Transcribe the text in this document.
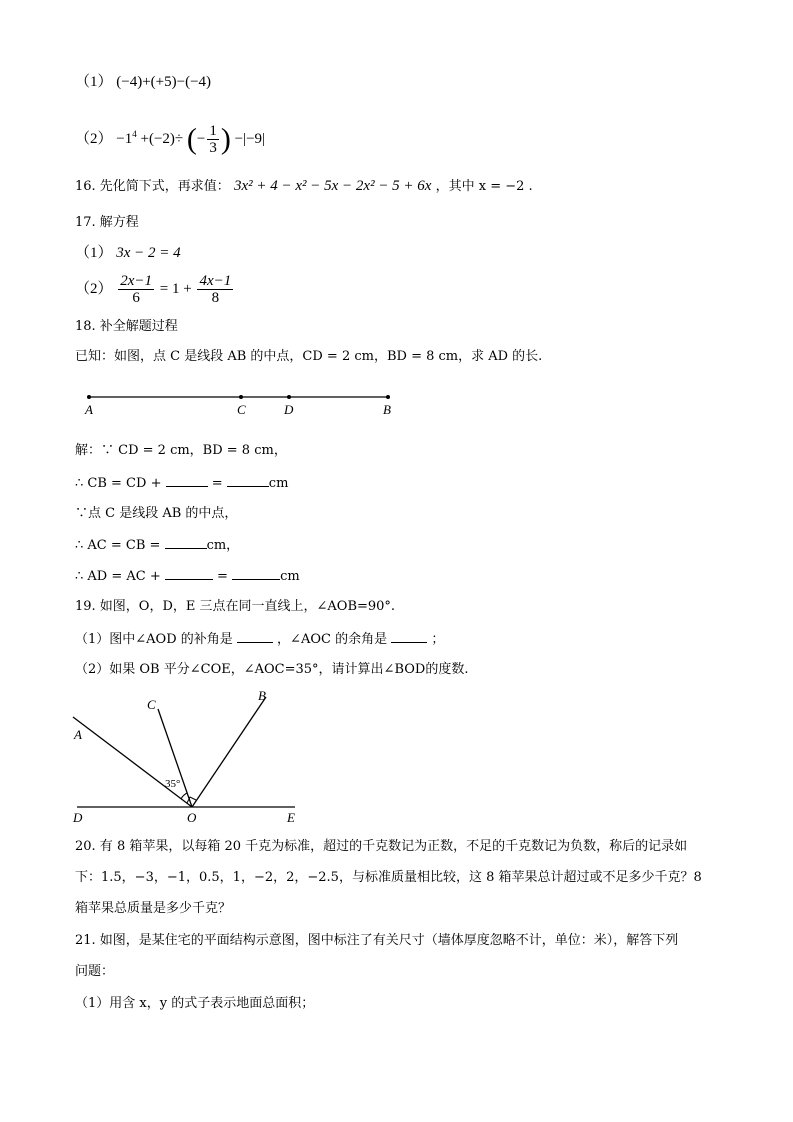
（1） (−4)+(+5)−(−4)
$(2) -1^4 +(-2)\div$ (− $\frac{1}{3}$ ) −|−9|
16. 先化简下式，再求值： 3x² + 4 − x² − 5x − 2x² − 5 + 6x ，其中 x = −2 .
17. 解方程
（1） 3x − 2 = 4
$(2) \frac{2x-1}{6} = 1 + \frac{4x-1}{8}$
18. 补全解题过程
已知：如图，点 C 是线段 AB 的中点，CD = 2 cm，BD = 8 cm，求 AD 的长.
A	C	D	B
解：∵ CD = 2 cm，BD = 8 cm，
∴ CB = CD +	=	cm
∵点 C 是线段 AB 的中点，
∴ AC = CB =	cm，
∴ AD = AC +	=	cm
19. 如图，O，D，E 三点在同一直线上，∠AOB=90°.
（1）图中∠AOD 的补角是	，∠AOC 的余角是	；
（2）如果 OB 平分∠COE，∠AOC=35°，请计算出∠BOD的度数.
35°
A
C
B
D	O	E
20. 有 8 箱苹果，以每箱 20 千克为标准，超过的千克数记为正数，不足的千克数记为负数，称后的记录如
下：1.5，−3，−1，0.5，1，−2，2，−2.5，与标准质量相比较，这 8 箱苹果总计超过或不足多少千克？8
箱苹果总质量是多少千克？
21. 如图，是某住宅的平面结构示意图，图中标注了有关尺寸（墙体厚度忽略不计，单位：米），解答下列
问题：
（1）用含 x，y 的式子表示地面总面积；
